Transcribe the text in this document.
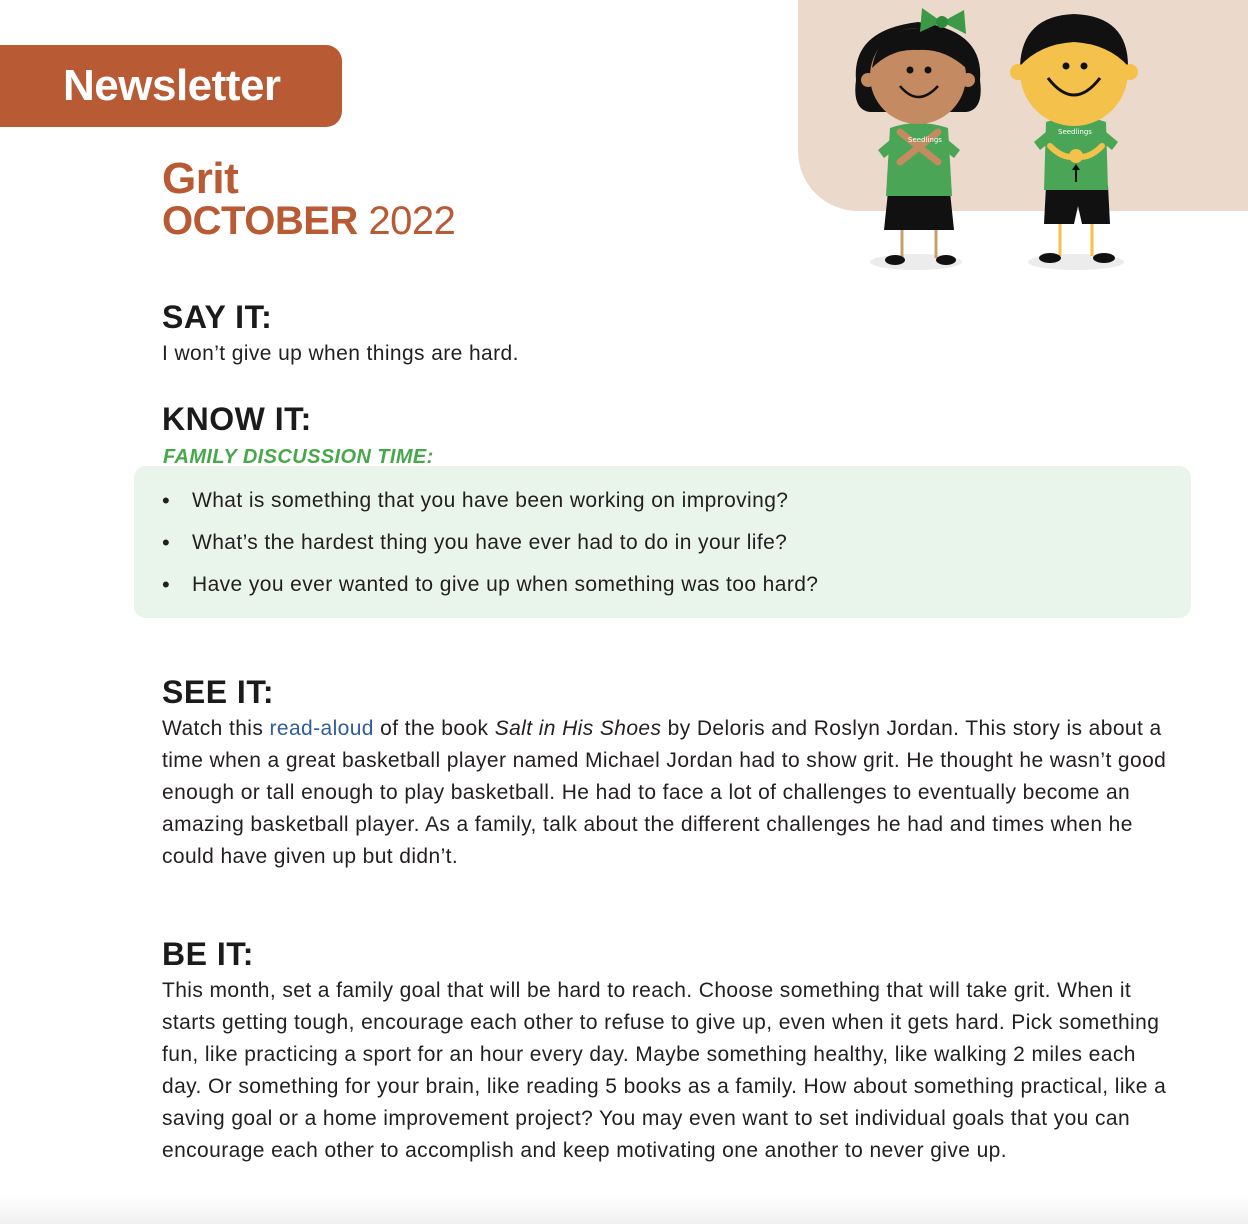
Newsletter
Grit
OCTOBER 2022
Seedlings
Seedlings
SAY IT:

I won’t give up when things are hard.

KNOW IT:

FAMILY DISCUSSION TIME:

•	What is something that you have been working on improving?
•	What’s the hardest thing you have ever had to do in your life?
•	Have you ever wanted to give up when something was too hard?
SEE IT:

Watch this read-aloud of the book Salt in His Shoes by Deloris and Roslyn Jordan. This story is about a time when a great basketball player named Michael Jordan had to show grit. He thought he wasn’t good enough or tall enough to play basketball. He had to face a lot of challenges to eventually become an amazing basketball player. As a family, talk about the different challenges he had and times when he could have given up but didn’t.

BE IT:

This month, set a family goal that will be hard to reach. Choose something that will take grit. When it starts getting tough, encourage each other to refuse to give up, even when it gets hard. Pick something fun, like practicing a sport for an hour every day. Maybe something healthy, like walking 2 miles each day. Or something for your brain, like reading 5 books as a family. How about something practical, like a saving goal or a home improvement project? You may even want to set individual goals that you can encourage each other to accomplish and keep motivating one another to never give up.
